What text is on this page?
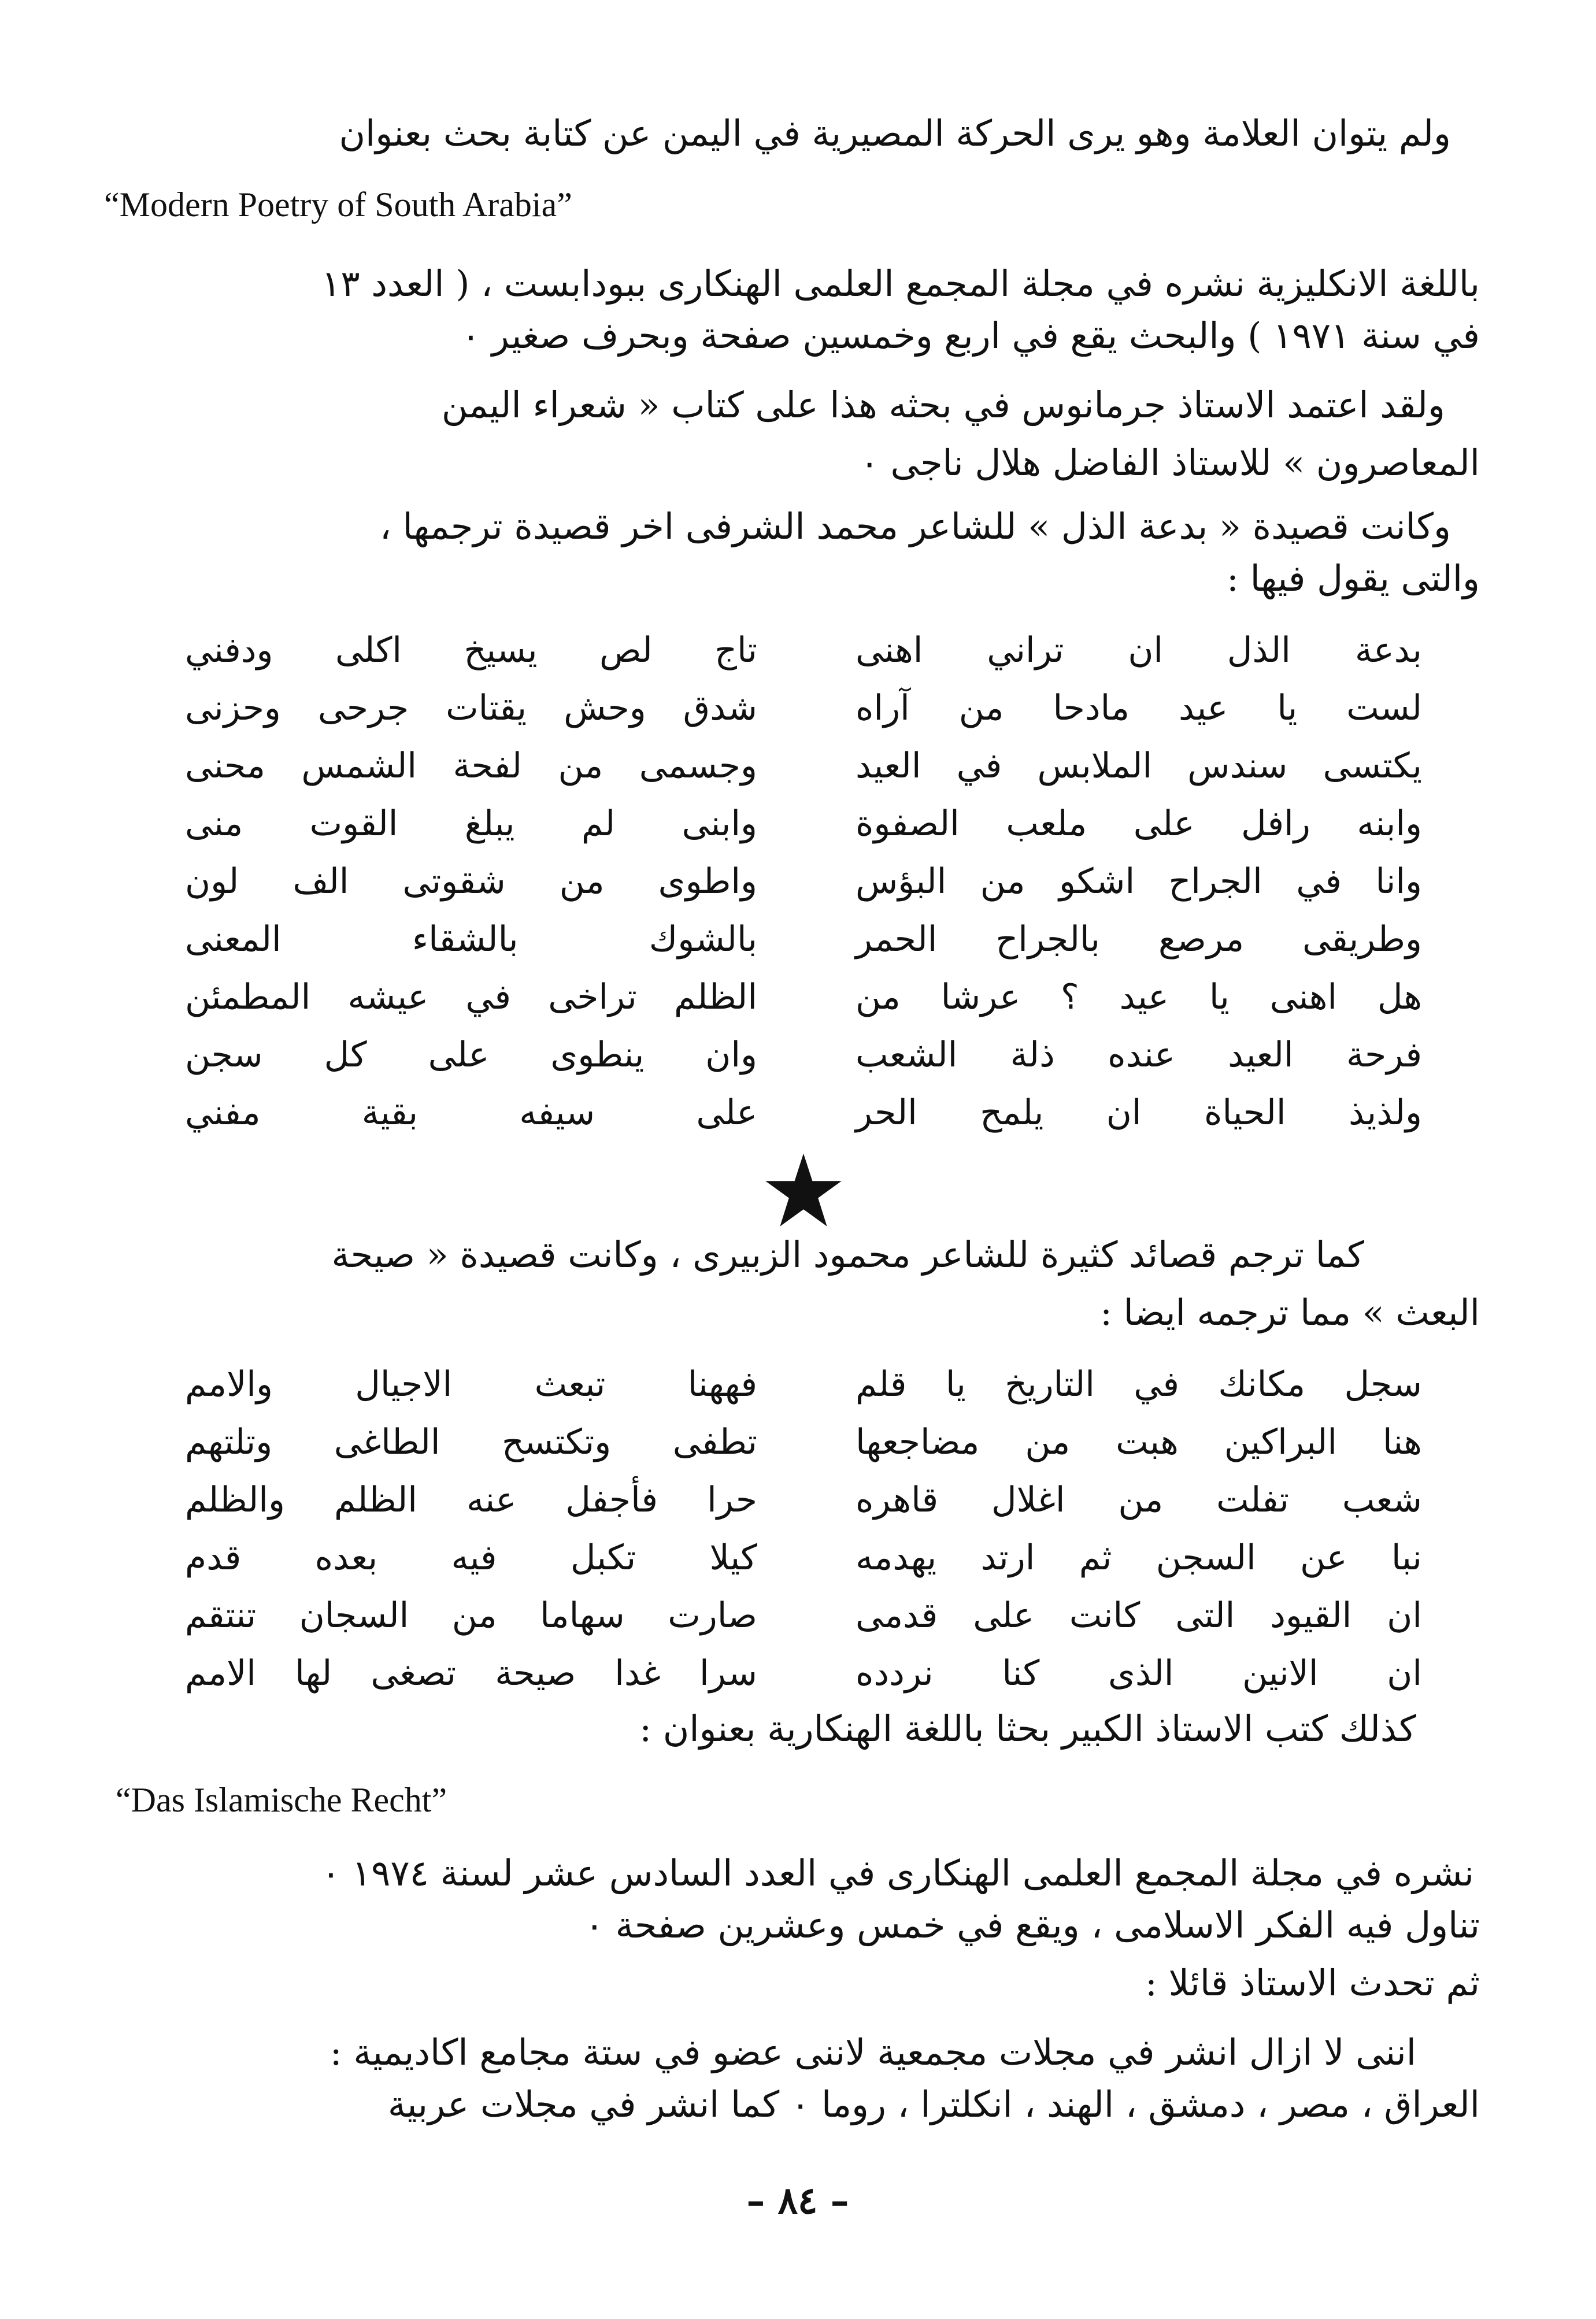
ولم يتوان العلامة وهو يرى الحركة المصيرية في اليمن عن كتابة بحث بعنوان
“Modern Poetry of South Arabia”
باللغة الانكليزية نشره في مجلة المجمع العلمى الهنكارى ببودابست ، ( العدد ١٣
في سنة ١٩٧١ ) والبحث يقع في اربع وخمسين صفحة وبحرف صغير ٠
ولقد اعتمد الاستاذ جرمانوس في بحثه هذا على كتاب « شعراء اليمن
المعاصرون » للاستاذ الفاضل هلال ناجى ٠
وكانت قصيدة « بدعة الذل » للشاعر محمد الشرفى اخر قصيدة ترجمها ،
والتى يقول فيها :
بدعة الذل ان تراني اهنى
لست يا عيد مادحا من آراه
يكتسى سندس الملابس في العيد
وابنه رافل على ملعب الصفوة
وانا في الجراح اشكو من البؤس
وطريقى مرصع بالجراح الحمر
هل اهنى يا عيد ؟ عرشا من
فرحة العيد عنده ذلة الشعب
ولذيذ الحياة ان يلمح الحر
تاج لص يسيخ اكلى ودفني
شدق وحش يقتات جرحى وحزنى
وجسمى من لفحة الشمس محنى
وابنى لم يبلغ القوت منى
واطوى من شقوتى الف لون
بالشوك بالشقاء المعنى
الظلم تراخى في عيشه المطمئن
وان ينطوى على كل سجن
على سيفه بقية مفني
كما ترجم قصائد كثيرة للشاعر محمود الزبيرى ، وكانت قصيدة « صيحة
البعث » مما ترجمه ايضا :
سجل مكانك في التاريخ يا قلم
هنا البراكين هبت من مضاجعها
شعب تفلت من اغلال قاهره
نبا عن السجن ثم ارتد يهدمه
ان القيود التى كانت على قدمى
ان الانين الذى كنا نردده
فههنا تبعث الاجيال والامم
تطفى وتكتسح الطاغى وتلتهم
حرا فأجفل عنه الظلم والظلم
كيلا تكبل فيه بعده قدم
صارت سهاما من السجان تنتقم
سرا غدا صيحة تصغى لها الامم
كذلك كتب الاستاذ الكبير بحثا باللغة الهنكارية بعنوان :
“Das Islamische Recht”
نشره في مجلة المجمع العلمى الهنكارى في العدد السادس عشر لسنة ١٩٧٤ ٠
تناول فيه الفكر الاسلامى ، ويقع في خمس وعشرين صفحة ٠
ثم تحدث الاستاذ قائلا :
اننى لا ازال انشر في مجلات مجمعية لاننى عضو في ستة مجامع اكاديمية :
العراق ، مصر ، دمشق ، الهند ، انكلترا ، روما ٠ كما انشر في مجلات عربية
– ٨٤ –
